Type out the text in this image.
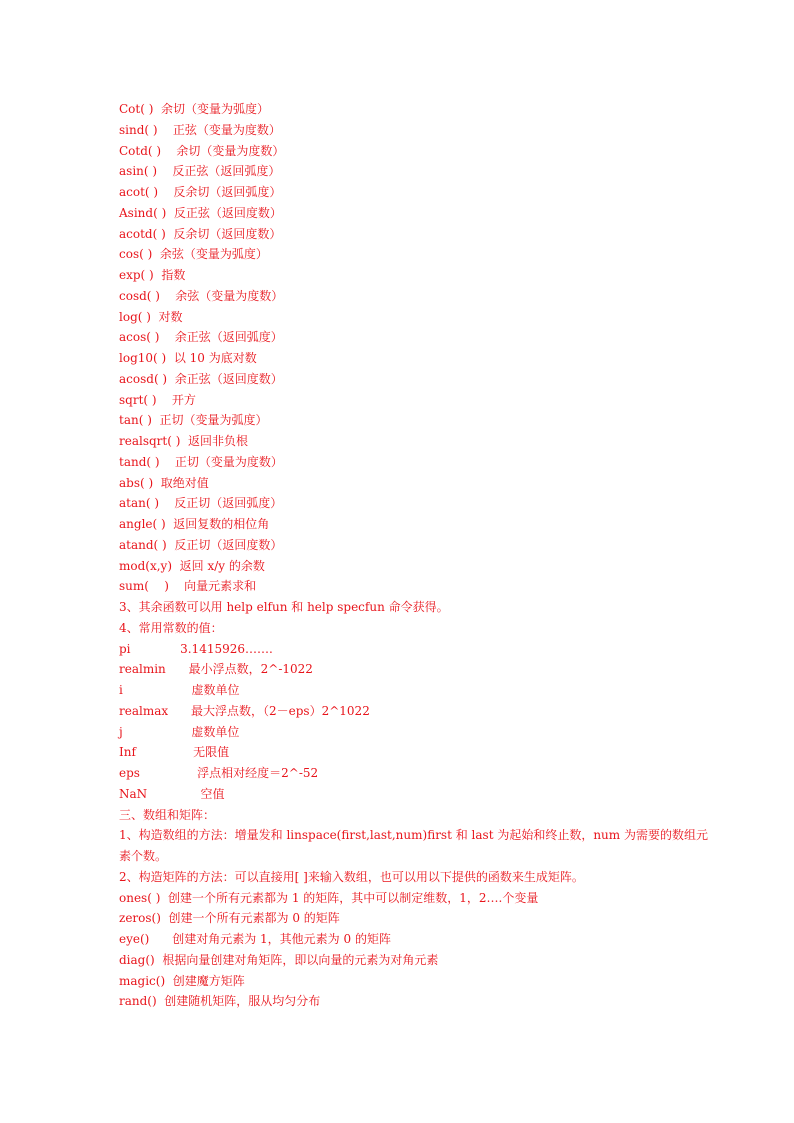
Cot( )  余切（变量为弧度）
sind( )    正弦（变量为度数）
Cotd( )    余切（变量为度数）
asin( )    反正弦（返回弧度）
acot( )    反余切（返回弧度）
Asind( )  反正弦（返回度数）
acotd( )  反余切（返回度数）
cos( )  余弦（变量为弧度）
exp( )  指数
cosd( )    余弦（变量为度数）
log( )  对数
acos( )    余正弦（返回弧度）
log10( )  以 10 为底对数
acosd( )  余正弦（返回度数）
sqrt( )    开方
tan( )  正切（变量为弧度）
realsqrt( )  返回非负根
tand( )    正切（变量为度数）
abs( )  取绝对值
atan( )    反正切（返回弧度）
angle( )  返回复数的相位角
atand( )  反正切（返回度数）
mod(x,y)  返回 x/y 的余数
sum(    )    向量元素求和
3、其余函数可以用 help elfun 和 help specfun 命令获得。
4、常用常数的值：
pi             3.1415926…….
realmin      最小浮点数，2^-1022
i                  虚数单位
realmax      最大浮点数，（2－eps）2^1022
j                  虚数单位
Inf               无限值
eps               浮点相对经度＝2^-52
NaN              空值
三、数组和矩阵：
1、构造数组的方法：增量发和 linspace(first,last,num)first 和 last 为起始和终止数，num 为需要的数组元
素个数。
2、构造矩阵的方法：可以直接用[ ]来输入数组，也可以用以下提供的函数来生成矩阵。
ones( )  创建一个所有元素都为 1 的矩阵，其中可以制定维数，1，2….个变量
zeros()  创建一个所有元素都为 0 的矩阵
eye()      创建对角元素为 1，其他元素为 0 的矩阵
diag()  根据向量创建对角矩阵，即以向量的元素为对角元素
magic()  创建魔方矩阵
rand()  创建随机矩阵，服从均匀分布
